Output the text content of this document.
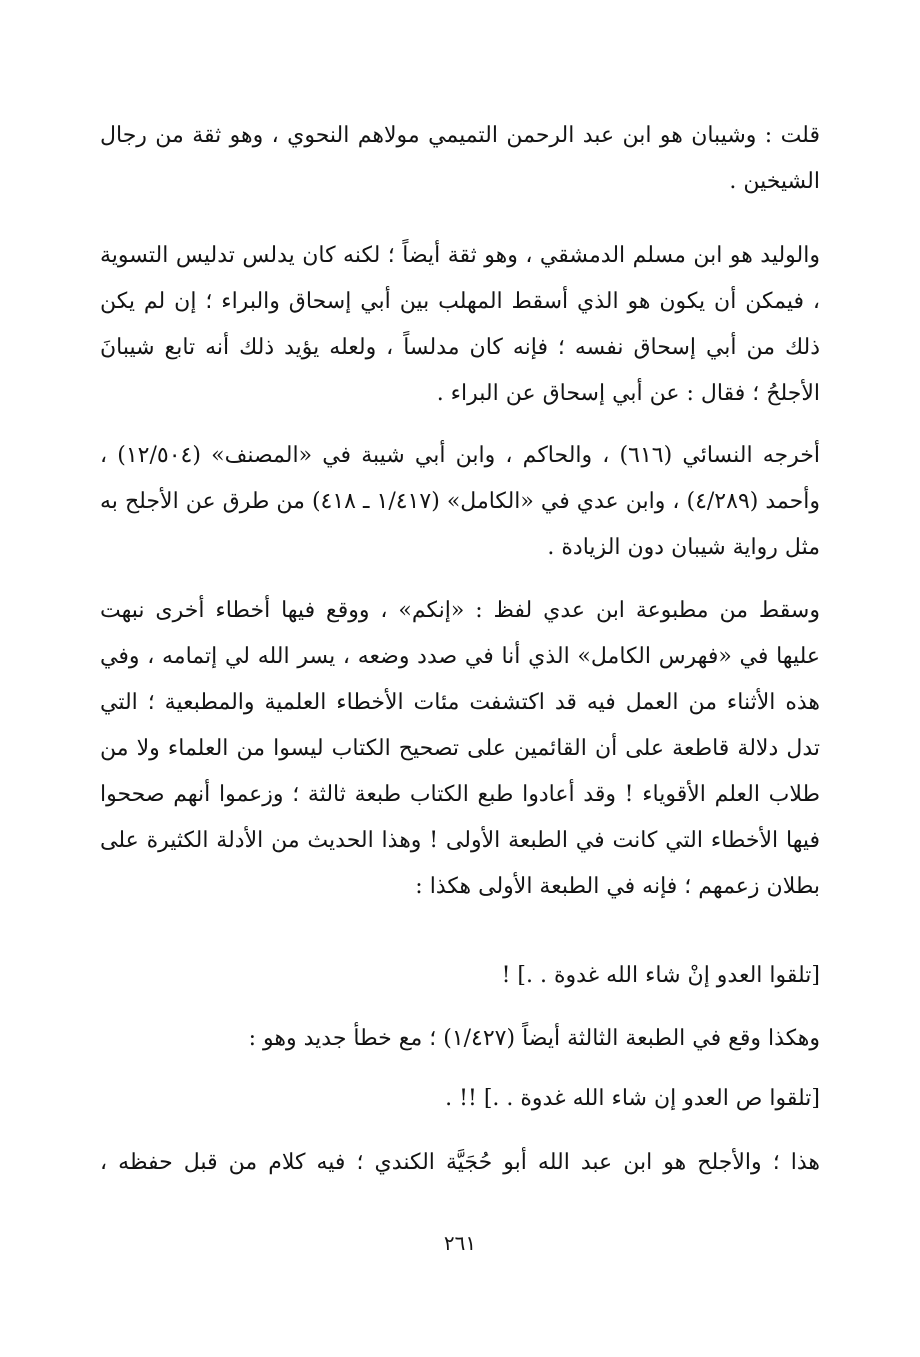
قلت : وشيبان هو ابن عبد الرحمن التميمي مولاهم النحوي ، وهو ثقة من رجال الشيخين .

والوليد هو ابن مسلم الدمشقي ، وهو ثقة أيضاً ؛ لكنه كان يدلس تدليس التسوية ، فيمكن أن يكون هو الذي أسقط المهلب بين أبي إسحاق والبراء ؛ إن لم يكن ذلك من أبي إسحاق نفسه ؛ فإنه كان مدلساً ، ولعله يؤيد ذلك أنه تابع شيبانَ الأجلحُ ؛ فقال : عن أبي إسحاق عن البراء .

أخرجه النسائي (٦١٦) ، والحاكم ، وابن أبي شيبة في «المصنف» (١٢/٥٠٤) ، وأحمد (٤/٢٨٩) ، وابن عدي في «الكامل» (١/٤١٧ ـ ٤١٨) من طرق عن الأجلح به مثل رواية شيبان دون الزيادة .

وسقط من مطبوعة ابن عدي لفظ : «إنكم» ، ووقع فيها أخطاء أخرى نبهت عليها في «فهرس الكامل» الذي أنا في صدد وضعه ، يسر الله لي إتمامه ، وفي هذه الأثناء من العمل فيه قد اكتشفت مئات الأخطاء العلمية والمطبعية ؛ التي تدل دلالة قاطعة على أن القائمين على تصحيح الكتاب ليسوا من العلماء ولا من طلاب العلم الأقوياء ! وقد أعادوا طبع الكتاب طبعة ثالثة ؛ وزعموا أنهم صححوا فيها الأخطاء التي كانت في الطبعة الأولى ! وهذا الحديث من الأدلة الكثيرة على بطلان زعمهم ؛ فإنه في الطبعة الأولى هكذا :

[تلقوا العدو إنْ شاء الله غدوة . .] !

وهكذا وقع في الطبعة الثالثة أيضاً (١/٤٢٧) ؛ مع خطأ جديد وهو :

[تلقوا ص العدو إن شاء الله غدوة . .] !! .

هذا ؛ والأجلح هو ابن عبد الله أبو حُجَيَّة الكندي ؛ فيه كلام من قبل حفظه ،

٢٦١
